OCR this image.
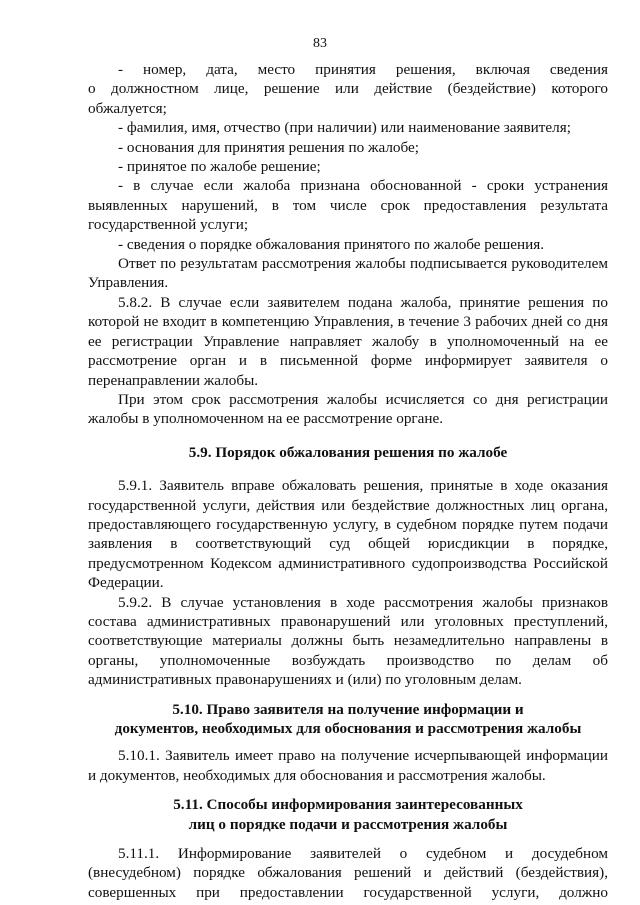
83

- номер, дата, место принятия решения, включая сведения

о должностном лице, решение или действие (бездействие) которого обжалуется;

- фамилия, имя, отчество (при наличии) или наименование заявителя;

- основания для принятия решения по жалобе;

- принятое по жалобе решение;

- в случае если жалоба признана обоснованной - сроки устранения

выявленных нарушений, в том числе срок предоставления результата государственной услуги;

- сведения о порядке обжалования принятого по жалобе решения.

Ответ по результатам рассмотрения жалобы подписывается руководителем Управления.

5.8.2. В случае если заявителем подана жалоба, принятие решения по которой не входит в компетенцию Управления, в течение 3 рабочих дней со дня ее регистрации Управление направляет жалобу в уполномоченный на ее рассмотрение орган и в письменной форме информирует заявителя о перенаправлении жалобы.

При этом срок рассмотрения жалобы исчисляется со дня регистрации жалобы в уполномоченном на ее рассмотрение органе.

5.9. Порядок обжалования решения по жалобе

5.9.1. Заявитель вправе обжаловать решения, принятые в ходе оказания государственной услуги, действия или бездействие должностных лиц органа, предоставляющего государственную услугу, в судебном порядке путем подачи заявления в соответствующий суд общей юрисдикции в порядке, предусмотренном Кодексом административного судопроизводства Российской Федерации.

5.9.2. В случае установления в ходе рассмотрения жалобы признаков состава административных правонарушений или уголовных преступлений, соответствующие материалы должны быть незамедлительно направлены в органы, уполномоченные возбуждать производство по делам об административных правонарушениях и (или) по уголовным делам.

5.10. Право заявителя на получение информации и

документов, необходимых для обоснования и рассмотрения жалобы

5.10.1. Заявитель имеет право на получение исчерпывающей информации и документов, необходимых для обоснования и рассмотрения жалобы.

5.11. Способы информирования заинтересованных

лиц о порядке подачи и рассмотрения жалобы

5.11.1. Информирование заявителей о судебном и досудебном (внесудебном) порядке обжалования решений и действий (бездействия), совершенных при предоставлении государственной услуги, должно
